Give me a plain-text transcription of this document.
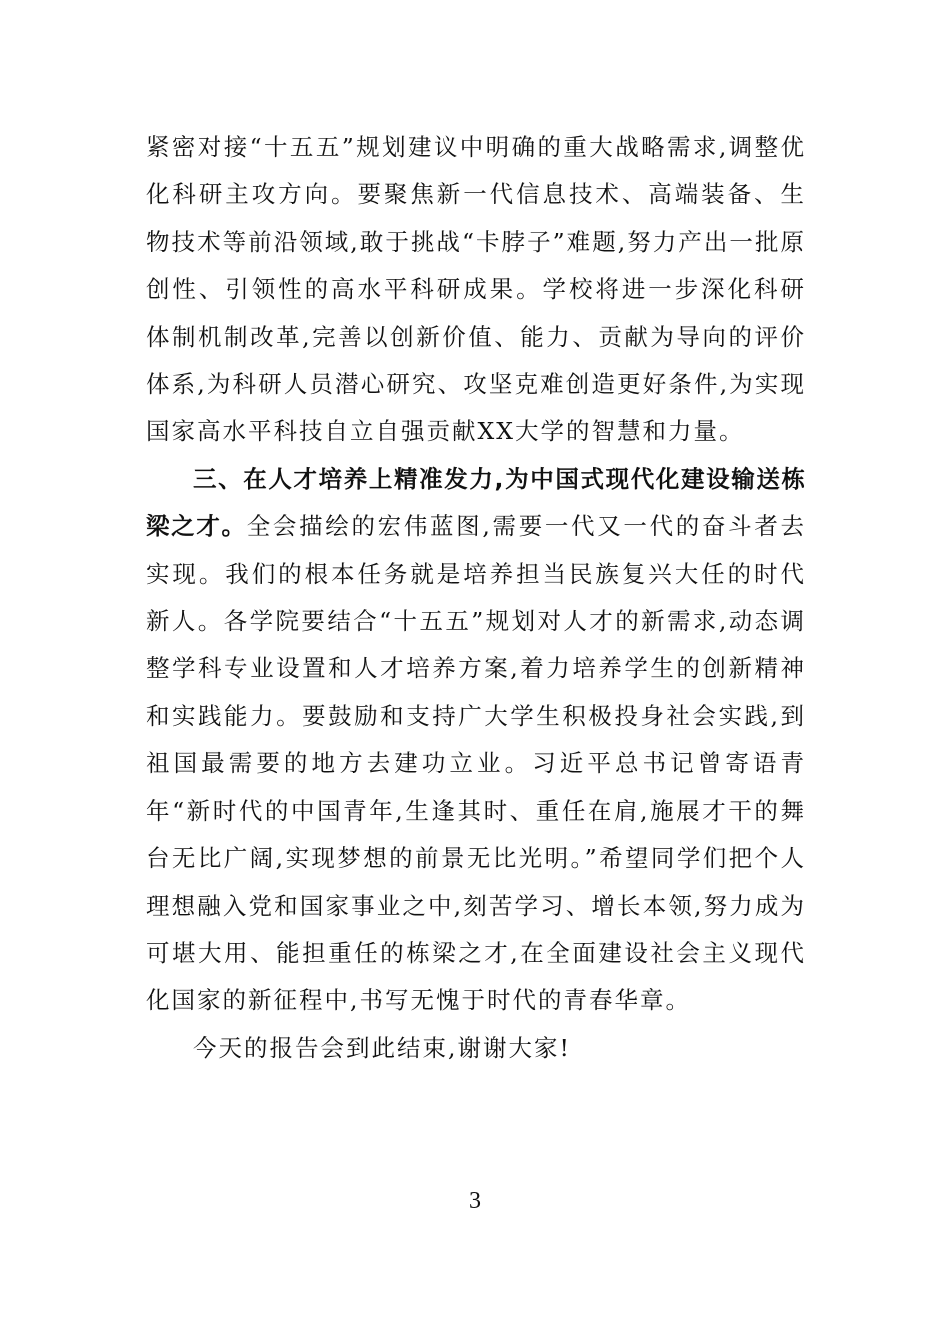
紧密对接“十五五”规划建议中明确的重大战略需求,调整优化科研主攻方向。要聚焦新一代信息技术、高端装备、生物技术等前沿领域,敢于挑战“卡脖子”难题,努力产出一批原创性、引领性的高水平科研成果。学校将进一步深化科研体制机制改革,完善以创新价值、能力、贡献为导向的评价体系,为科研人员潜心研究、攻坚克难创造更好条件,为实现国家高水平科技自立自强贡献XX大学的智慧和力量。

三、在人才培养上精准发力,为中国式现代化建设输送栋梁之才。全会描绘的宏伟蓝图,需要一代又一代的奋斗者去实现。我们的根本任务就是培养担当民族复兴大任的时代新人。各学院要结合“十五五”规划对人才的新需求,动态调整学科专业设置和人才培养方案,着力培养学生的创新精神和实践能力。要鼓励和支持广大学生积极投身社会实践,到祖国最需要的地方去建功立业。习近平总书记曾寄语青年“新时代的中国青年,生逢其时、重任在肩,施展才干的舞台无比广阔,实现梦想的前景无比光明。”希望同学们把个人理想融入党和国家事业之中,刻苦学习、增长本领,努力成为可堪大用、能担重任的栋梁之才,在全面建设社会主义现代化国家的新征程中,书写无愧于时代的青春华章。

今天的报告会到此结束,谢谢大家!

3
